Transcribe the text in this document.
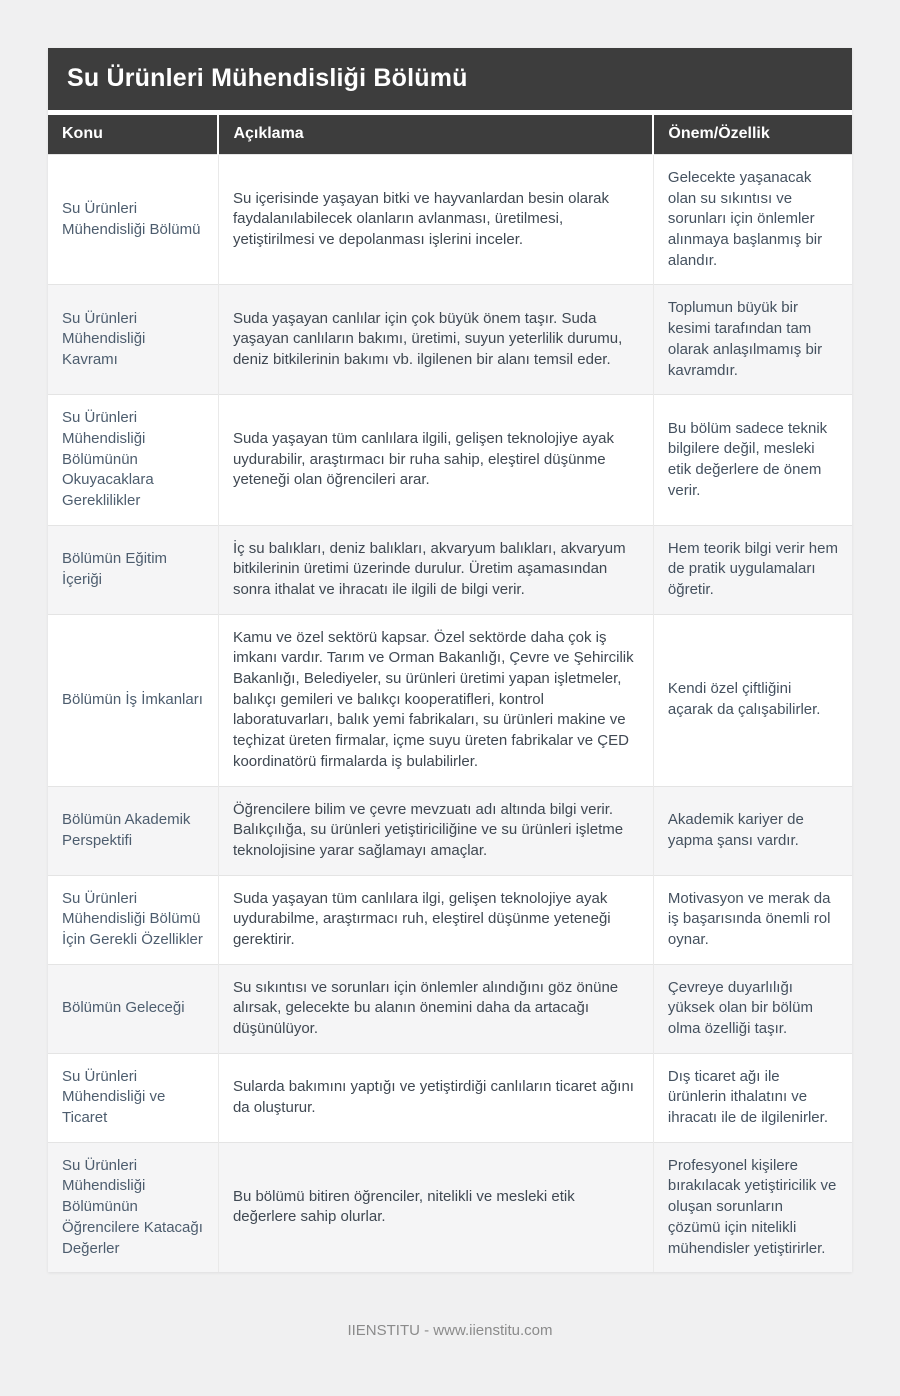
Su Ürünleri Mühendisliği Bölümü
Konu	Açıklama	Önem/Özellik
Su Ürünleri Mühendisliği Bölümü	Su içerisinde yaşayan bitki ve hayvanlardan besin olarak faydalanılabilecek olanların avlanması, üretilmesi, yetiştirilmesi ve depolanması işlerini inceler.	Gelecekte yaşanacak olan su sıkıntısı ve sorunları için önlemler alınmaya başlanmış bir alandır.
Su Ürünleri Mühendisliği Kavramı	Suda yaşayan canlılar için çok büyük önem taşır. Suda yaşayan canlıların bakımı, üretimi, suyun yeterlilik durumu, deniz bitkilerinin bakımı vb. ilgilenen bir alanı temsil eder.	Toplumun büyük bir kesimi tarafından tam olarak anlaşılmamış bir kavramdır.
Su Ürünleri Mühendisliği Bölümünün Okuyacaklara Gereklilikler	Suda yaşayan tüm canlılara ilgili, gelişen teknolojiye ayak uydurabilir, araştırmacı bir ruha sahip, eleştirel düşünme yeteneği olan öğrencileri arar.	Bu bölüm sadece teknik bilgilere değil, mesleki etik değerlere de önem verir.
Bölümün Eğitim İçeriği	İç su balıkları, deniz balıkları, akvaryum balıkları, akvaryum bitkilerinin üretimi üzerinde durulur. Üretim aşamasından sonra ithalat ve ihracatı ile ilgili de bilgi verir.	Hem teorik bilgi verir hem de pratik uygulamaları öğretir.
Bölümün İş İmkanları	Kamu ve özel sektörü kapsar. Özel sektörde daha çok iş imkanı vardır. Tarım ve Orman Bakanlığı, Çevre ve Şehircilik Bakanlığı, Belediyeler, su ürünleri üretimi yapan işletmeler, balıkçı gemileri ve balıkçı kooperatifleri, kontrol laboratuvarları, balık yemi fabrikaları, su ürünleri makine ve teçhizat üreten firmalar, içme suyu üreten fabrikalar ve ÇED koordinatörü firmalarda iş bulabilirler.	Kendi özel çiftliğini açarak da çalışabilirler.
Bölümün Akademik Perspektifi	Öğrencilere bilim ve çevre mevzuatı adı altında bilgi verir. Balıkçılığa, su ürünleri yetiştiriciliğine ve su ürünleri işletme teknolojisine yarar sağlamayı amaçlar.	Akademik kariyer de yapma şansı vardır.
Su Ürünleri Mühendisliği Bölümü İçin Gerekli Özellikler	Suda yaşayan tüm canlılara ilgi, gelişen teknolojiye ayak uydurabilme, araştırmacı ruh, eleştirel düşünme yeteneği gerektirir.	Motivasyon ve merak da iş başarısında önemli rol oynar.
Bölümün Geleceği	Su sıkıntısı ve sorunları için önlemler alındığını göz önüne alırsak, gelecekte bu alanın önemini daha da artacağı düşünülüyor.	Çevreye duyarlılığı yüksek olan bir bölüm olma özelliği taşır.
Su Ürünleri Mühendisliği ve Ticaret	Sularda bakımını yaptığı ve yetiştirdiği canlıların ticaret ağını da oluşturur.	Dış ticaret ağı ile ürünlerin ithalatını ve ihracatı ile de ilgilenirler.
Su Ürünleri Mühendisliği Bölümünün Öğrencilere Katacağı Değerler	Bu bölümü bitiren öğrenciler, nitelikli ve mesleki etik değerlere sahip olurlar.	Profesyonel kişilere bırakılacak yetiştiricilik ve oluşan sorunların çözümü için nitelikli mühendisler yetiştirirler.
IIENSTITU - www.iienstitu.com
